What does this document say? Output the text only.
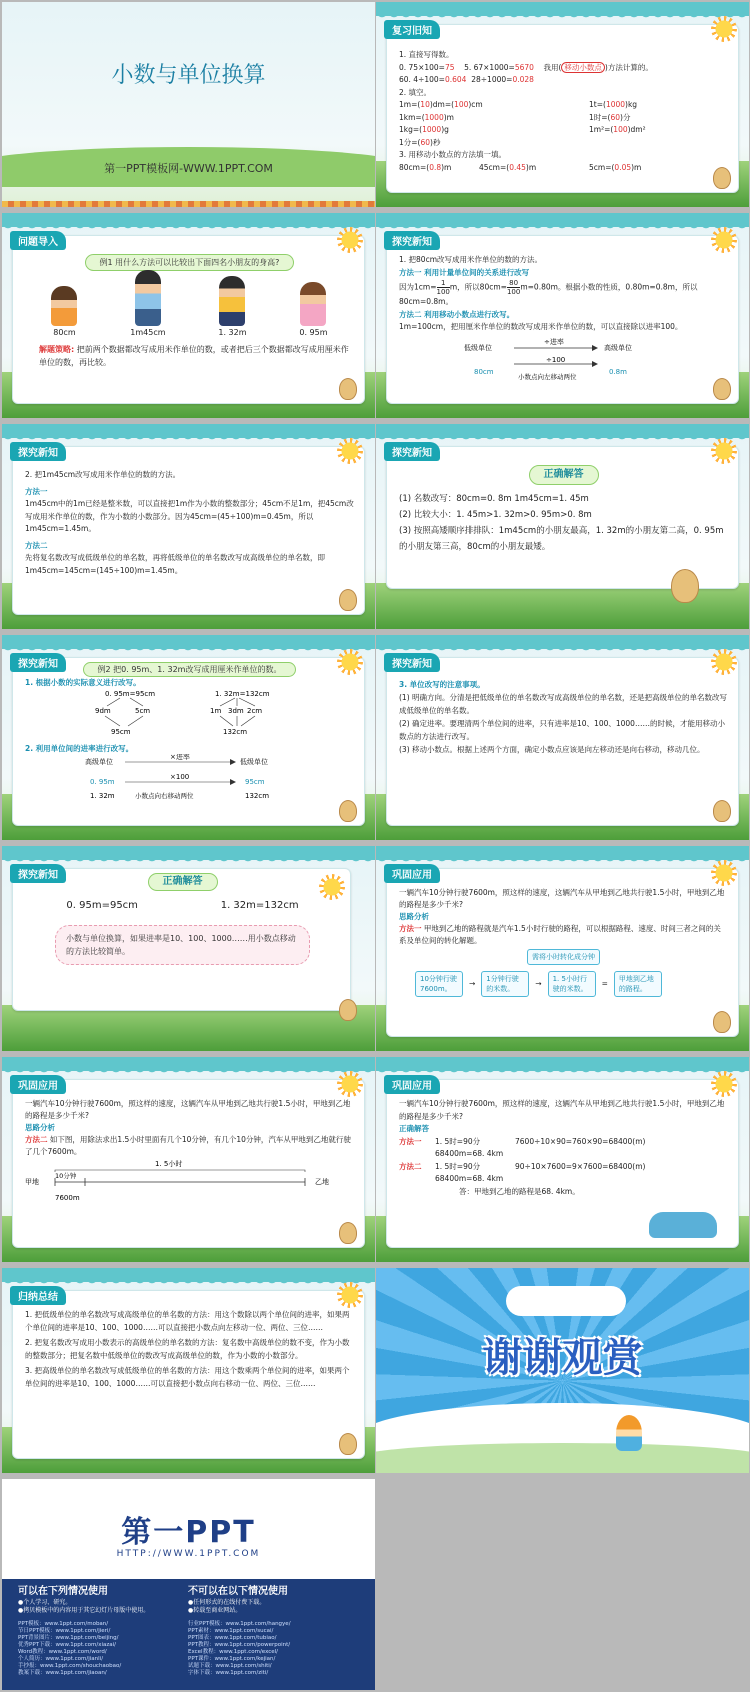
小数与单位换算
第一PPT模板网-WWW.1PPT.COM
复习旧知
1. 直接写得数。
0. 75×100=75 5. 67×1000=5670 我用( 移动小数点 )方法计算的。
60. 4÷100=0.604 28÷1000=0.028
2. 填空。
1m=(10)dm=(100)cm	1t=(1000)kg
1km=(1000)m	1时=(60)分
1kg=(1000)g	1m²=(100)dm²
1分=(60)秒
3. 用移动小数点的方法填一填。
80cm=(0.8)m	45cm=(0.45)m	5cm=(0.05)m
问题导入
例1 用什么方法可以比较出下面四名小朋友的身高?
80cm	1m45cm	1. 32m	0. 95m
解题策略: 把前两个数据都改写成用米作单位的数，或者把后三个数据都改写成用厘米作单位的数，再比较。
探究新知
1. 把80cm改写成用米作单位的数的方法。
方法一 利用计量单位间的关系进行改写
因为$1cm= \frac{1}{100}$ m，所以$80cm= \frac{80}{100} m=0.80m$。根据小数的性质，0.80m=0.8m，所以80cm=0.8m。
方法二 利用移动小数点进行改写。
1m=100cm，把用厘米作单位的数改写成用米作单位的数，可以直接除以进率100。
低级单位
÷进率
高级单位
80cm
÷100
0.8m
小数点向左移动两位
探究新知
2. 把1m45cm改写成用米作单位的数的方法。
方法一
1m45cm中的1m已经是整米数，可以直接把1m作为小数的整数部分；45cm不足1m，把45cm改写成用米作单位的数，作为小数的小数部分。因为45cm=(45÷100)m=0.45m，所以1m45cm=1.45m。
方法二
先将复名数改写成低级单位的单名数，再将低级单位的单名数改写成高级单位的单名数，即1m45cm=145cm=(145÷100)m=1.45m。
探究新知
正确解答
(1) 名数改写：80cm=0. 8m 1m45cm=1. 45m
(2) 比较大小：1. 45m>1. 32m>0. 95m>0. 8m
(3) 按照高矮顺序排排队：1m45cm的小朋友最高，1. 32m的小朋友第二高，0. 95m的小朋友第三高，80cm的小朋友最矮。
探究新知	例2 把0. 95m、1. 32m改写成用厘米作单位的数。
1. 根据小数的实际意义进行改写。
0. 95m=95cm
9dm	5cm
95cm
1. 32m=132cm
1m 3dm 2cm
132cm
2. 利用单位间的进率进行改写。
高级单位
×进率
低级单位
0. 95m
×100
95cm
1. 32m	小数点向右移动两位	132cm
探究新知
3. 单位改写的注意事项。
(1) 明确方向。分清是把低级单位的单名数改写成高级单位的单名数，还是把高级单位的单名数改写成低级单位的单名数。
(2) 确定进率。要理清两个单位间的进率，只有进率是10、100、1000……的时候，才能用移动小数点的方法进行改写。
(3) 移动小数点。根据上述两个方面，确定小数点应该是向左移动还是向右移动，移动几位。
探究新知
正确解答
0. 95m=95cm	1. 32m=132cm
小数与单位换算，如果进率是10、100、1000……用小数点移动的方法比较简单。
巩固应用
一辆汽车10分钟行驶7600m，照这样的速度，这辆汽车从甲地到乙地共行驶1.5小时，甲地到乙地的路程是多少千米?
思路分析
方法一 甲地到乙地的路程就是汽车1.5小时行驶的路程，可以根据路程、速度、时间三者之间的关系及单位间的转化解题。
需将小时转化成分钟
10分钟行驶7600m。
→	1分钟行驶的米数。
→	1. 5小时行驶的米数。
=	甲地到乙地的路程。
巩固应用
一辆汽车10分钟行驶7600m，照这样的速度，这辆汽车从甲地到乙地共行驶1.5小时，甲地到乙地的路程是多少千米?
思路分析
方法二 如下图，用除法求出1.5小时里面有几个10分钟，有几个10分钟，汽车从甲地到乙地就行驶了几个7600m。
1. 5小时
甲地	乙地
10分钟
7600m
巩固应用
一辆汽车10分钟行驶7600m，照这样的速度，这辆汽车从甲地到乙地共行驶1.5小时，甲地到乙地的路程是多少千米?
正确解答
方法一	1. 5时=90分	7600÷10×90=760×90=68400(m)
68400m=68. 4km
方法二	1. 5时=90分	90÷10×7600=9×7600=68400(m)
68400m=68. 4km
答：甲地到乙地的路程是68. 4km。
归纳总结
1. 把低级单位的单名数改写成高级单位的单名数的方法：用这个数除以两个单位间的进率，如果两个单位间的进率是10、100、1000……可以直接把小数点向左移动一位、两位、三位……
2. 把复名数改写成用小数表示的高级单位的单名数的方法：复名数中高级单位的数不变，作为小数的整数部分；把复名数中低级单位的数改写成高级单位的数，作为小数的小数部分。
3. 把高级单位的单名数改写成低级单位的单名数的方法：用这个数乘两个单位间的进率，如果两个单位间的进率是10、100、1000……可以直接把小数点向右移动一位、两位、三位……
谢谢观赏
第一PPT
HTTP://WWW.1PPT.COM
可以在下列情况使用
●个人学习、研究。
●拷贝模板中的内容用于其它幻灯片母版中使用。
不可以在以下情况使用
●任何形式的在线付费下载。
●转载至商业网站。
PPT模板：www.1ppt.com/moban/
节日PPT模板：www.1ppt.com/jieri/
PPT背景图片：www.1ppt.com/beijing/
优秀PPT下载：www.1ppt.com/xiazai/
Word教程：www.1ppt.com/word/
个人简历：www.1ppt.com/jianli/
手抄报：www.1ppt.com/shouchaobao/
教案下载：www.1ppt.com/jiaoan/
行业PPT模板：www.1ppt.com/hangye/
PPT素材：www.1ppt.com/sucai/
PPT图表：www.1ppt.com/tubiao/
PPT教程：www.1ppt.com/powerpoint/
Excel教程：www.1ppt.com/excel/
PPT课件：www.1ppt.com/kejian/
试题下载：www.1ppt.com/shiti/
字体下载：www.1ppt.com/ziti/
